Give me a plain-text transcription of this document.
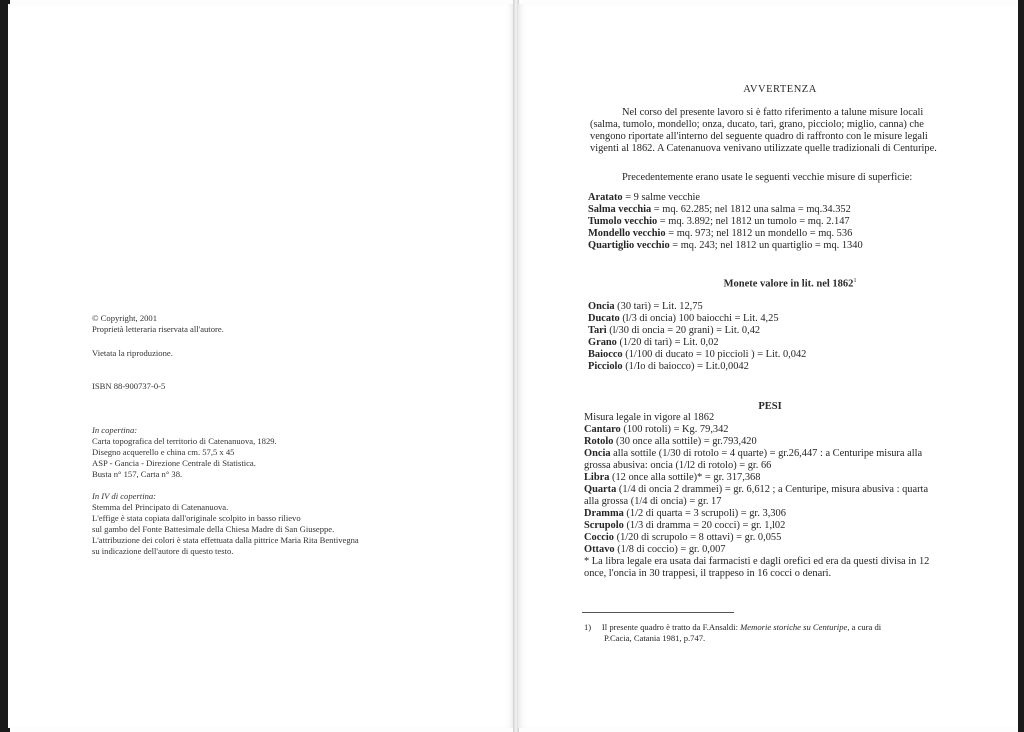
© Copyright, 2001

Proprietà letteraria riservata all'autore.

Vietata la riproduzione.
ISBN 88-900737-0-5

In copertina:

Carta topografica del territorio di Catenanuova, 1829.

Disegno acquerello e china cm. 57,5 x 45

ASP - Gancia - Direzione Centrale di Statistica.

Busta n° 157, Carta n° 38.

In IV di copertina:

Stemma del Principato di Catenanuova.

L'effige è stata copiata dall'originale scolpito in basso rilievo

sul gambo del Fonte Battesimale della Chiesa Madre di San Giuseppe.

L'attribuzione dei colori è stata effettuata dalla pittrice Maria Rita Bentivegna

su indicazione dell'autore di questo testo.

AVVERTENZA

Nel corso del presente lavoro si è fatto riferimento a talune misure locali

(salma, tumolo, mondello; onza, ducato, tarì, grano, picciolo; miglio, canna) che

vengono riportate all'interno del seguente quadro di raffronto con le misure legali

vigenti al 1862. A Catenanuova venivano utilizzate quelle tradizionali di Centuripe.

Precedentemente erano usate le seguenti vecchie misure di superficie:

Aratato = 9 salme vecchie

Salma vecchia = mq. 62.285; nel 1812 una salma = mq.34.352

Tumolo vecchio = mq. 3.892; nel 1812 un tumolo = mq. 2.147

Mondello vecchio = mq. 973; nel 1812 un mondello = mq. 536

Quartiglio vecchio = mq. 243; nel 1812 un quartiglio = mq. 1340

Monete valore in lit. nel 1862$^1$

Oncia (30 tarì) = Lit. 12,75

Ducato (l/3 di oncia) 100 baiocchi = Lit. 4,25

Tarì (l/30 di oncia = 20 grani) = Lit. 0,42

Grano (1/20 di tarì) = Lit. 0,02

Baiocco (1/100 di ducato = 10 piccioli ) = Lit. 0,042

Picciolo (1/Io di baiocco) = Lit.0,0042

PESI

Misura legale in vigore al 1862

Cantaro (100 rotoli) = Kg. 79,342

Rotolo (30 once alla sottile) = gr.793,420

Oncia alla sottile (1/30 di rotolo = 4 quarte) = gr.26,447 : a Centuripe misura alla

grossa abusiva: oncia (1/l2 di rotolo) = gr. 66

Libra (12 once alla sottile)* = gr. 317,368

Quarta (1/4 di oncia 2 drammei) = gr. 6,612 ; a Centuripe, misura abusiva : quarta

alla grossa (1/4 di oncia) = gr. 17

Dramma (1/2 di quarta = 3 scrupoli) = gr. 3,306

Scrupolo (1/3 di dramma = 20 cocci) = gr. 1,l02

Coccio (1/20 di scrupolo = 8 ottavi) = gr. 0,055

Ottavo (1/8 di coccio) = gr. 0,007

* La libra legale era usata dai farmacisti e dagli orefici ed era da questi divisa in 12

once, l'oncia in 30 trappesi, il trappeso in 16 cocci o denari.

1) Il presente quadro è tratto da F.Ansaldi: Memorie storiche su Centuripe, a cura di

P.Cacia, Catania 1981, p.747.
